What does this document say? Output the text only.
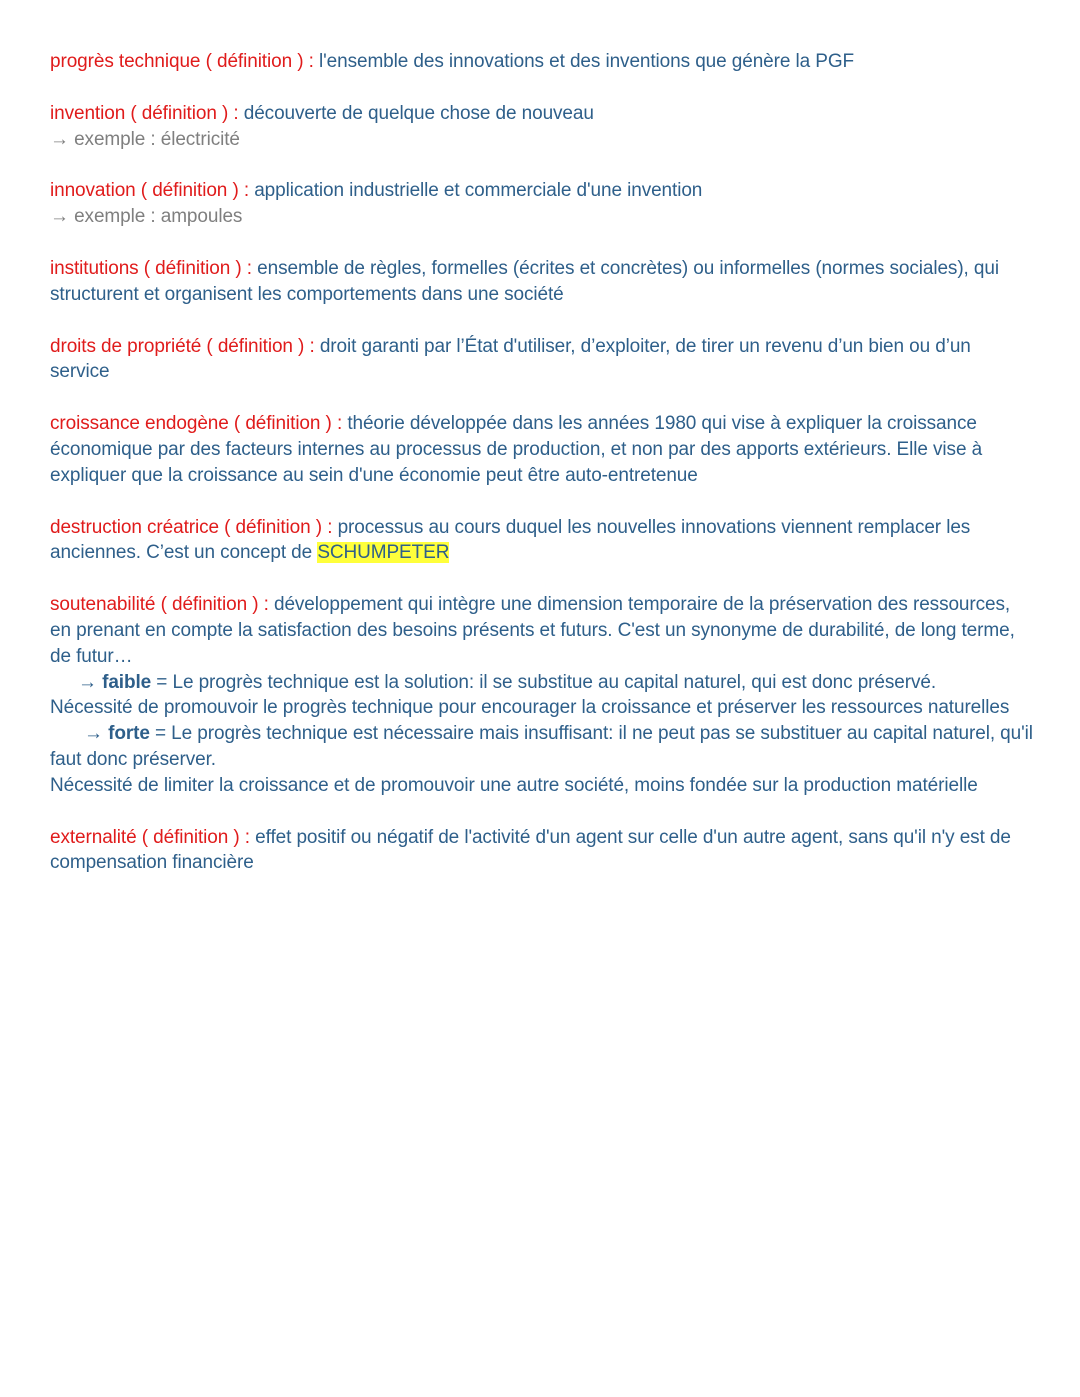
progrès technique ( définition ) : l'ensemble des innovations et des inventions que génère la PGF

invention ( définition ) : découverte de quelque chose de nouveau

→ exemple : électricité

innovation ( définition ) : application industrielle et commerciale d'une invention

→ exemple : ampoules

institutions ( définition ) : ensemble de règles, formelles (écrites et concrètes) ou informelles (normes sociales), qui structurent et organisent les comportements dans une société

droits de propriété ( définition ) : droit garanti par l’État d'utiliser, d’exploiter, de tirer un revenu d’un bien ou d’un service

croissance endogène ( définition ) : théorie développée dans les années 1980 qui vise à expliquer la croissance économique par des facteurs internes au processus de production, et non par des apports extérieurs. Elle vise à expliquer que la croissance au sein d'une économie peut être auto-entretenue

destruction créatrice ( définition ) : processus au cours duquel les nouvelles innovations viennent remplacer les anciennes. C’est un concept de SCHUMPETER

soutenabilité ( définition ) : développement qui intègre une dimension temporaire de la préservation des ressources, en prenant en compte la satisfaction des besoins présents et futurs. C'est un synonyme de durabilité, de long terme, de futur…

→ faible = Le progrès technique est la solution: il se substitue au capital naturel, qui est donc préservé.

Nécessité de promouvoir le progrès technique pour encourager la croissance et préserver les ressources naturelles

→ forte = Le progrès technique est nécessaire mais insuffisant: il ne peut pas se substituer au capital naturel, qu'il faut donc préserver.

Nécessité de limiter la croissance et de promouvoir une autre société, moins fondée sur la production matérielle

externalité ( définition ) : effet positif ou négatif de l'activité d'un agent sur celle d'un autre agent, sans qu'il n'y est de compensation financière
